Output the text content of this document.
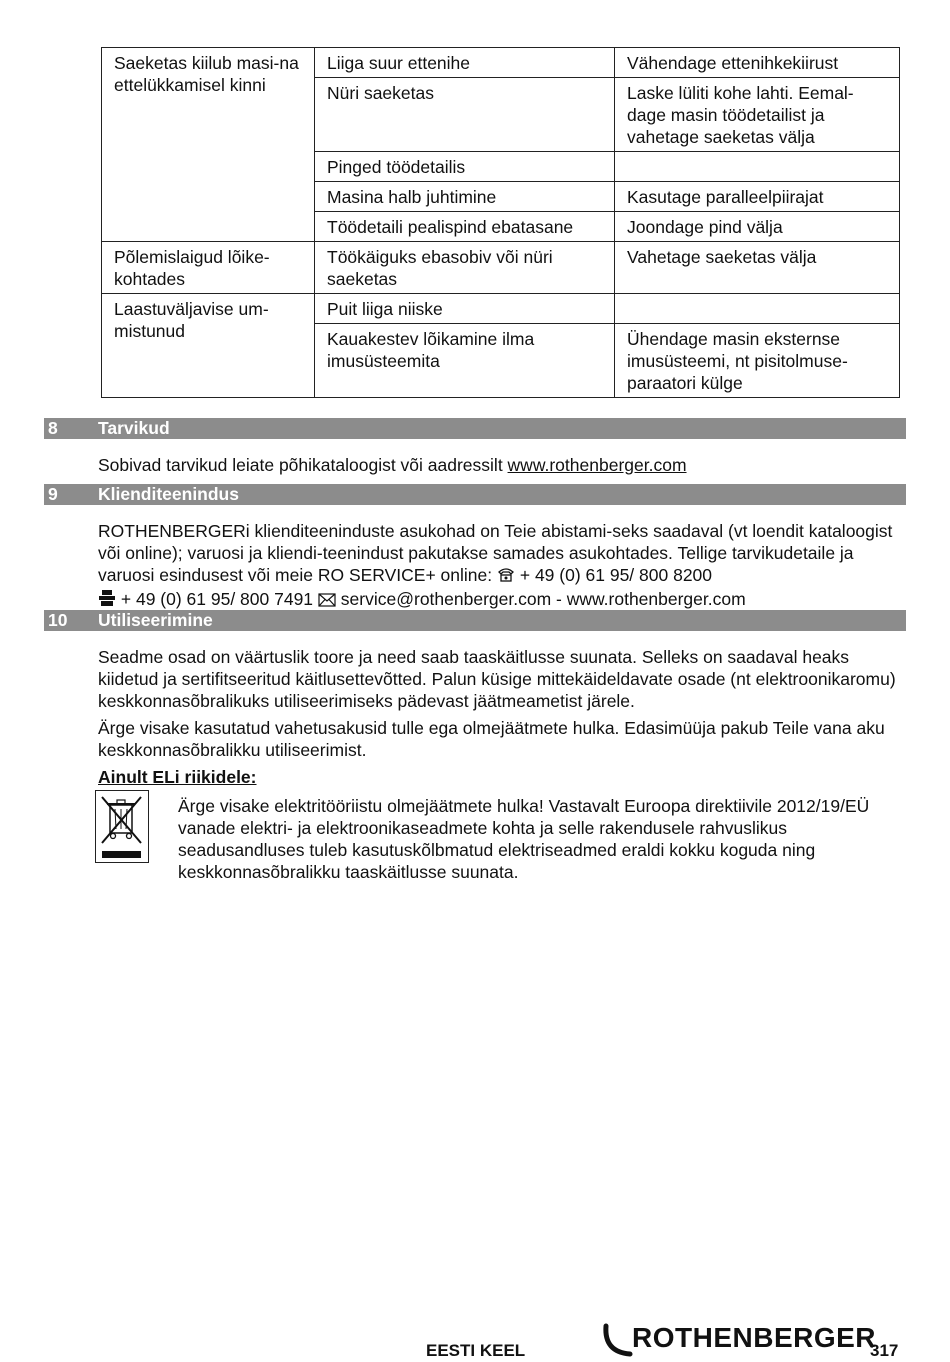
Saeketas kiilub masi-na ettelükkamisel kinni	Liiga suur ettenihe	Vähendage ettenihkekiirust
	Nüri saeketas	Laske lüliti kohe lahti. Eemal-dage masin töödetailist ja vahetage saeketas välja
	Pinged töödetailis	
	Masina halb juhtimine	Kasutage paralleelpiirajat
	Töödetaili pealispind ebatasane	Joondage pind välja
Põlemislaigud lõike-kohtades	Töökäiguks ebasobiv või nüri saeketas	Vahetage saeketas välja
Laastuväljavise um-mistunud	Puit liiga niiske	
	Kauakestev lõikamine ilma imusüsteemita	Ühendage masin eksternse imusüsteemi, nt pisitolmuse-paraatori külge
8 Tarvikud
Sobivad tarvikud leiate põhikataloogist või aadressilt www.rothenberger.com
9 Klienditeenindus
ROTHENBERGERi klienditeeninduste asukohad on Teie abistami-seks saadaval (vt loendit kataloogist või online); varuosi ja kliendi-teenindust pakutakse samades asukohtades. Tellige tarvikudetaile ja varuosi esindusest või meie RO SERVICE+ online: + 49 (0) 61 95/ 800 8200
+ 49 (0) 61 95/ 800 7491 service@rothenberger.com - www.rothenberger.com
10 Utiliseerimine

Seadme osad on väärtuslik toore ja need saab taaskäitlusse suunata. Selleks on saadaval heaks kiidetud ja sertifitseeritud käitlusettevõtted. Palun küsige mittekäideldavate osade (nt elektroonikaromu) keskkonnasõbralikuks utiliseerimiseks pädevast jäätmeametist järele.

Ärge visake kasutatud vahetusakusid tulle ega olmejäätmete hulka. Edasimüüja pakub Teile vana aku keskkonnasõbralikku utiliseerimist.

Ainult ELi riikidele:

Ärge visake elektritööriistu olmejäätmete hulka! Vastavalt Euroopa direktiivile 2012/19/EÜ vanade elektri- ja elektroonikaseadmete kohta ja selle rakendusele rahvuslikus seadusandluses tuleb kasutuskõlbmatud elektriseadmed eraldi kokku koguda ning keskkonnasõbralikku taaskäitlusse suunata.

EESTI KEEL	ROTHENBERGER
317
